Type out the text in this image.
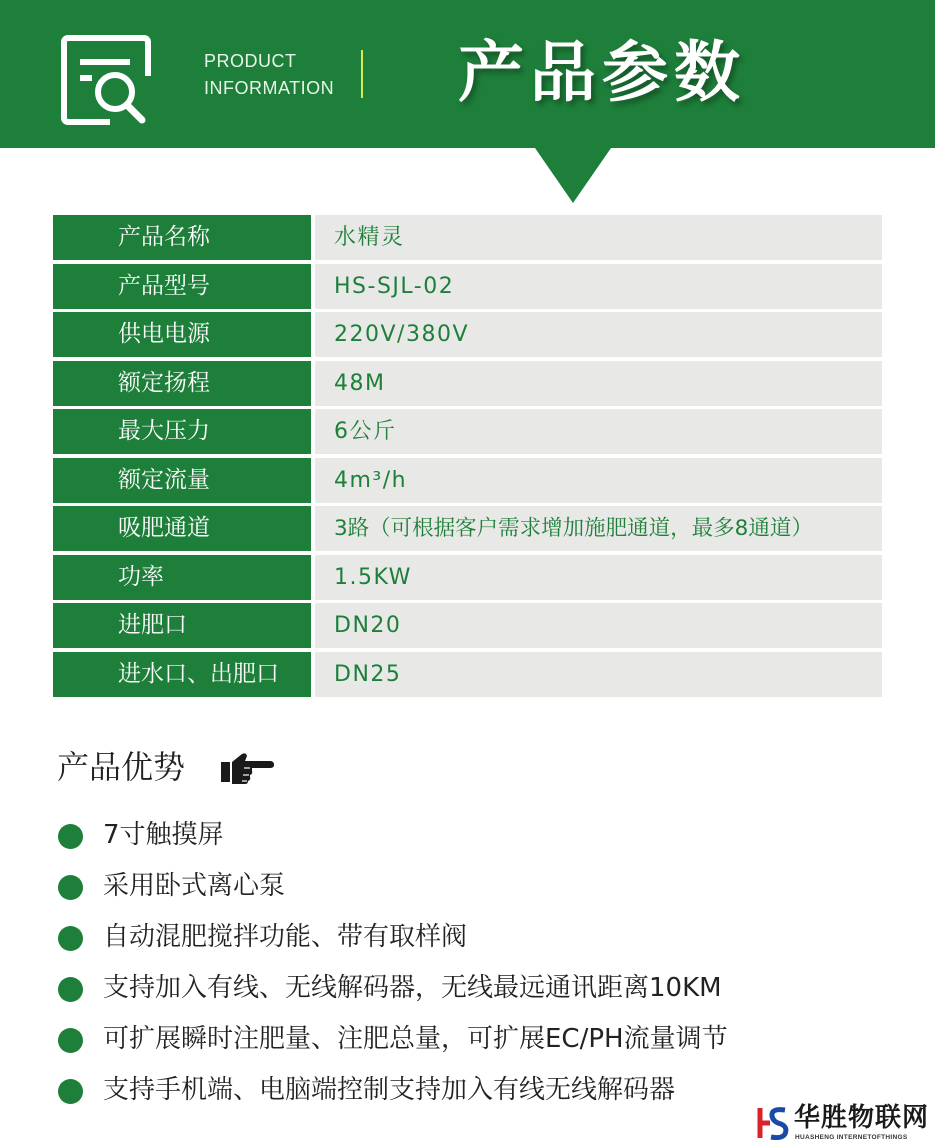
PRODUCT
INFORMATION 产品参数
产品名称	水精灵
产品型号	HS-SJL-02
供电电源	220V/380V
额定扬程	48M
最大压力	6公斤
额定流量	4m³/h
吸肥通道	3路（可根据客户需求增加施肥通道，最多8通道）
功率	1.5KW
进肥口	DN20
进水口、出肥口	DN25
产品优势
7寸触摸屏
采用卧式离心泵
自动混肥搅拌功能、带有取样阀
支持加入有线、无线解码器，无线最远通讯距离10KM
可扩展瞬时注肥量、注肥总量，可扩展EC/PH流量调节
支持手机端、电脑端控制支持加入有线无线解码器
华胜物联网
HUASHENG INTERNETOFTHINGS
